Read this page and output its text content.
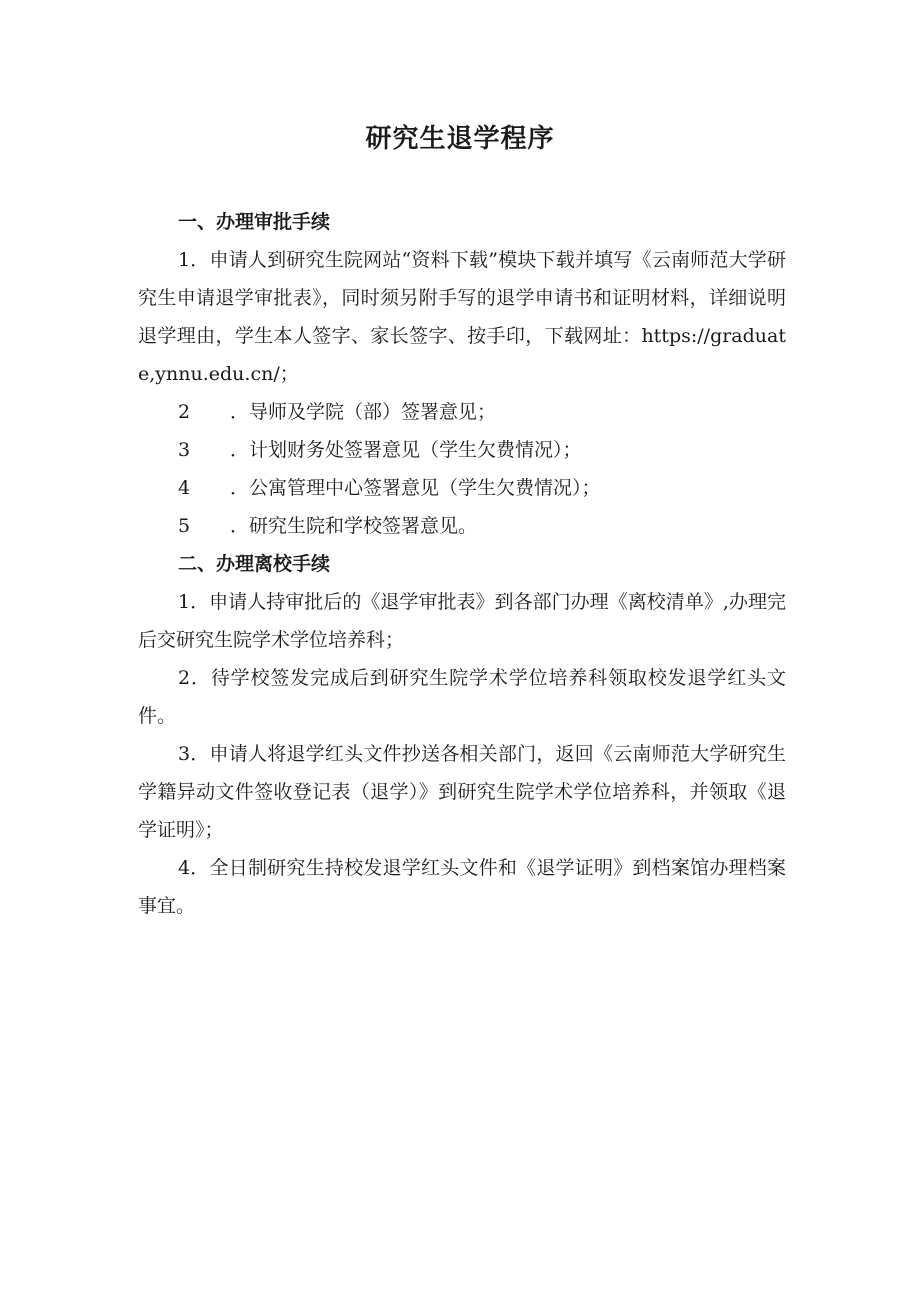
研究生退学程序

一、办理审批手续

1．申请人到研究生院网站“资料下载”模块下载并填写《云南师范大学研究生申请退学审批表》，同时须另附手写的退学申请书和证明材料，详细说明退学理由，学生本人签字、家长签字、按手印，下载网址：https://graduate,ynnu.edu.cn/；

2 ．导师及学院（部）签署意见；

3 ．计划财务处签署意见（学生欠费情况）；

4 ．公寓管理中心签署意见（学生欠费情况）；

5 ．研究生院和学校签署意见。

二、办理离校手续

1．申请人持审批后的《退学审批表》到各部门办理《离校清单》,办理完后交研究生院学术学位培养科；

2．待学校签发完成后到研究生院学术学位培养科领取校发退学红头文件。

3．申请人将退学红头文件抄送各相关部门，返回《云南师范大学研究生学籍异动文件签收登记表（退学）》到研究生院学术学位培养科，并领取《退学证明》；

4．全日制研究生持校发退学红头文件和《退学证明》到档案馆办理档案事宜。
